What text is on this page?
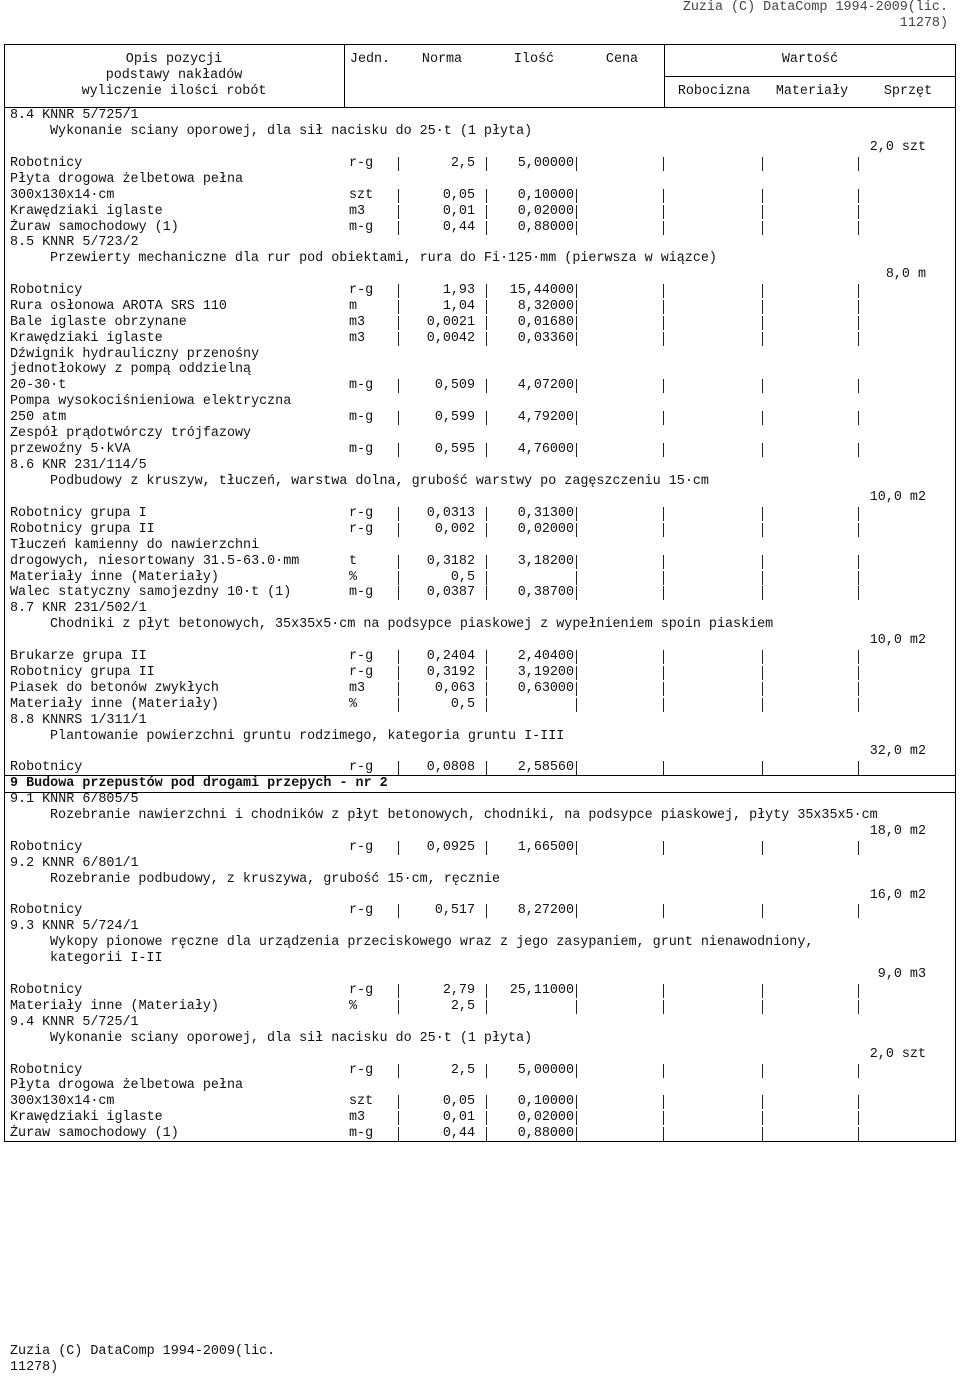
Zuzia (C) DataComp 1994-2009(lic.
11278)
Opis pozycji
podstawy nakładów
wyliczenie ilości robót
Jedn.	Norma	Ilość	Cena	Wartość
Robocizna	Materiały	Sprzęt
8.4 KNNR 5/725/1
Wykonanie sciany oporowej, dla sił nacisku do 25·t (1 płyta)
2,0 szt
Robotnicy	r-g	2,5	5,00000
Płyta drogowa żelbetowa pełna
300x130x14·cm	szt	0,05	0,10000
Krawędziaki iglaste	m3	0,01	0,02000
Żuraw samochodowy (1)	m-g	0,44	0,88000
8.5 KNNR 5/723/2
Przewierty mechaniczne dla rur pod obiektami, rura do Fi·125·mm (pierwsza w wiązce)
8,0 m
Robotnicy	r-g	1,93	15,44000
Rura osłonowa AROTA SRS 110	m	1,04	8,32000
Bale iglaste obrzynane	m3	0,0021	0,01680
Krawędziaki iglaste	m3	0,0042	0,03360
Dźwignik hydrauliczny przenośny
jednotłokowy z pompą oddzielną
20-30·t	m-g	0,509	4,07200
Pompa wysokociśnieniowa elektryczna
250 atm	m-g	0,599	4,79200
Zespół prądotwórczy trójfazowy
przewoźny 5·kVA	m-g	0,595	4,76000
8.6 KNR 231/114/5
Podbudowy z kruszyw, tłuczeń, warstwa dolna, grubość warstwy po zagęszczeniu 15·cm
10,0 m2
Robotnicy grupa I	r-g	0,0313	0,31300
Robotnicy grupa II	r-g	0,002	0,02000
Tłuczeń kamienny do nawierzchni
drogowych, niesortowany 31.5-63.0·mm	t	0,3182	3,18200
Materiały inne (Materiały)	%	0,5
Walec statyczny samojezdny 10·t (1)	m-g	0,0387	0,38700
8.7 KNR 231/502/1
Chodniki z płyt betonowych, 35x35x5·cm na podsypce piaskowej z wypełnieniem spoin piaskiem
10,0 m2
Brukarze grupa II	r-g	0,2404	2,40400
Robotnicy grupa II	r-g	0,3192	3,19200
Piasek do betonów zwykłych	m3	0,063	0,63000
Materiały inne (Materiały)	%	0,5
8.8 KNNRS 1/311/1
Plantowanie powierzchni gruntu rodzimego, kategoria gruntu I-III
32,0 m2
Robotnicy	r-g	0,0808	2,58560
9 Budowa przepustów pod drogami przepych - nr 2
9.1 KNNR 6/805/5
Rozebranie nawierzchni i chodników z płyt betonowych, chodniki, na podsypce piaskowej, płyty 35x35x5·cm
18,0 m2
Robotnicy	r-g	0,0925	1,66500
9.2 KNNR 6/801/1
Rozebranie podbudowy, z kruszywa, grubość 15·cm, ręcznie
16,0 m2
Robotnicy	r-g	0,517	8,27200
9.3 KNNR 5/724/1
Wykopy pionowe ręczne dla urządzenia przeciskowego wraz z jego zasypaniem, grunt nienawodniony,
kategorii I-II
9,0 m3
Robotnicy	r-g	2,79	25,11000
Materiały inne (Materiały)	%	2,5
9.4 KNNR 5/725/1
Wykonanie sciany oporowej, dla sił nacisku do 25·t (1 płyta)
2,0 szt
Robotnicy	r-g	2,5	5,00000
Płyta drogowa żelbetowa pełna
300x130x14·cm	szt	0,05	0,10000
Krawędziaki iglaste	m3	0,01	0,02000
Żuraw samochodowy (1)	m-g	0,44	0,88000
Zuzia (C) DataComp 1994-2009(lic.
11278)
